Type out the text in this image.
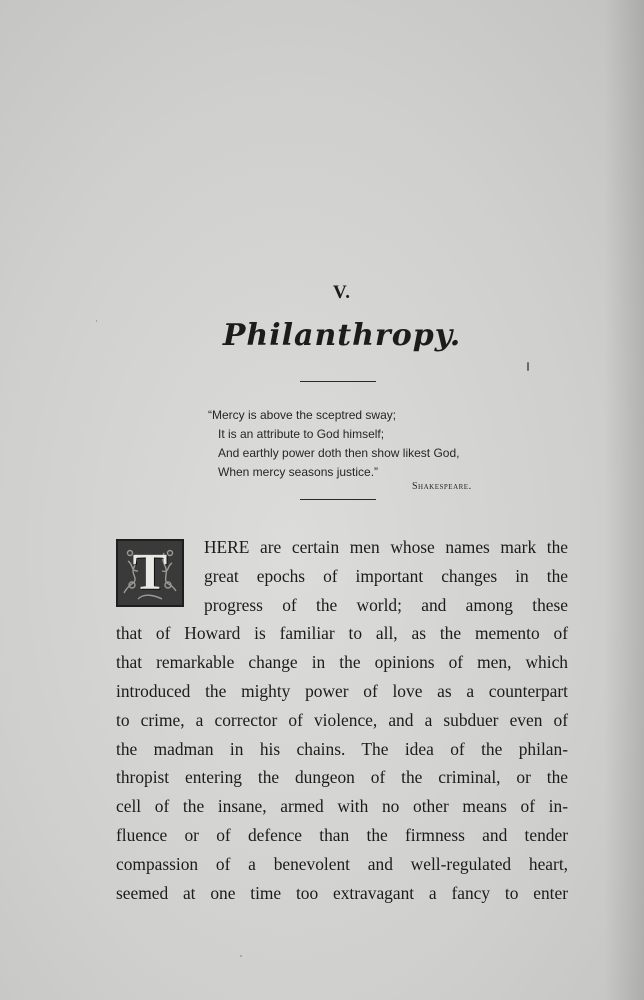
V.
Philanthropy.
“Mercy is above the sceptred sway;
It is an attribute to God himself;
And earthly power doth then show likest God,
When mercy seasons justice.”
Shakespeare.
T	HERE are certain men whose names mark the
great epochs of important changes in the
progress of the world; and among these
that of Howard is familiar to all, as the memento of
that remarkable change in the opinions of men, which
introduced the mighty power of love as a counterpart
to crime, a corrector of violence, and a subduer even of
the madman in his chains. The idea of the philan-
thropist entering the dungeon of the criminal, or the
cell of the insane, armed with no other means of in-
fluence or of defence than the firmness and tender
compassion of a benevolent and well-regulated heart,
seemed at one time too extravagant a fancy to enter
